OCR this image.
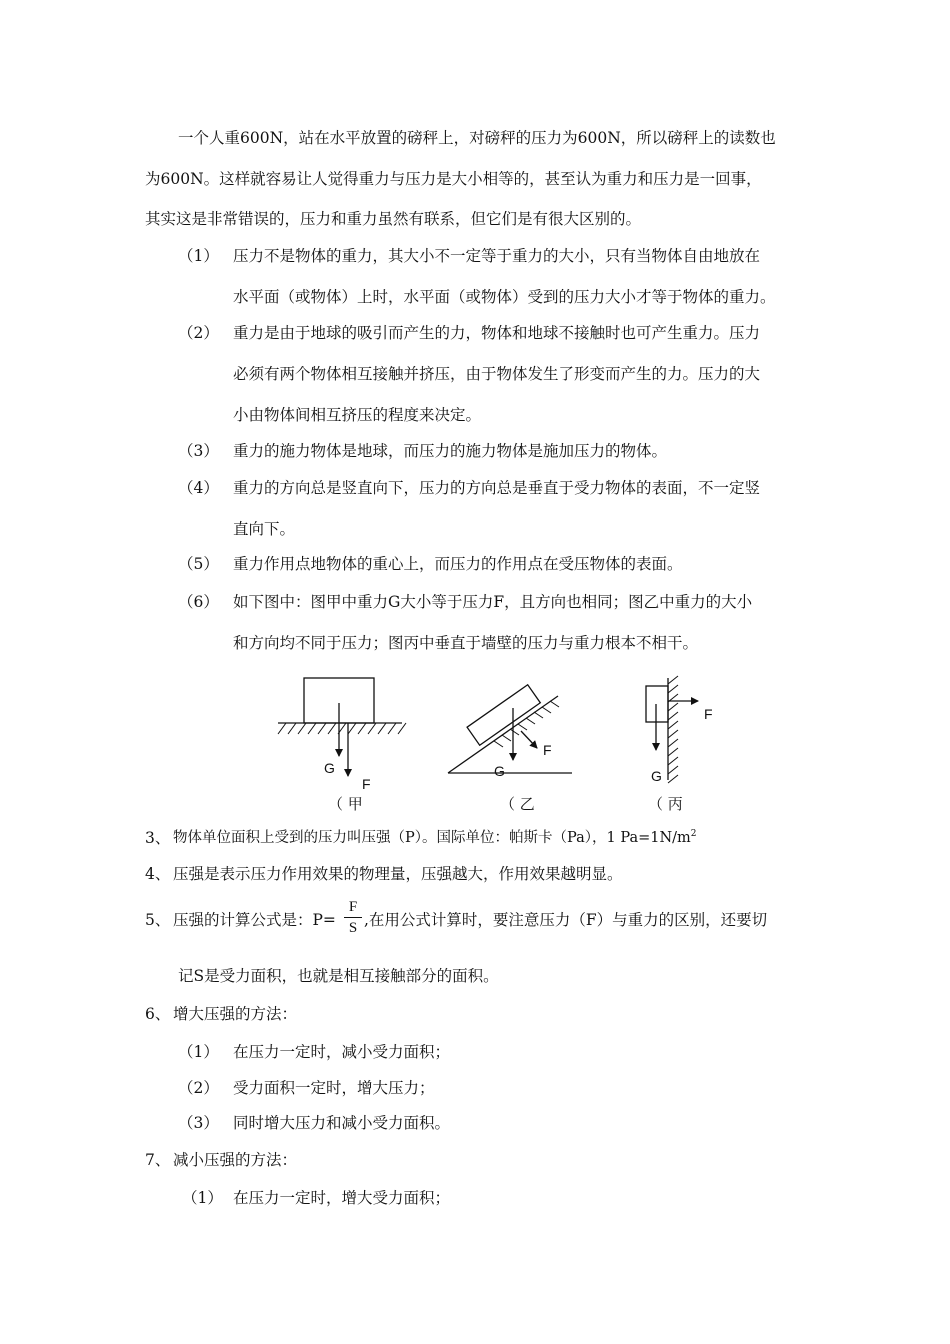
一个人重600N，站在水平放置的磅秤上，对磅秤的压力为600N，所以磅秤上的读数也
为600N。这样就容易让人觉得重力与压力是大小相等的，甚至认为重力和压力是一回事，
其实这是非常错误的，压力和重力虽然有联系，但它们是有很大区别的。
（1） 压力不是物体的重力，其大小不一定等于重力的大小，只有当物体自由地放在
水平面（或物体）上时，水平面（或物体）受到的压力大小才等于物体的重力。
（2） 重力是由于地球的吸引而产生的力，物体和地球不接触时也可产生重力。压力
必须有两个物体相互接触并挤压，由于物体发生了形变而产生的力。压力的大
小由物体间相互挤压的程度来决定。
（3） 重力的施力物体是地球，而压力的施力物体是施加压力的物体。
（4） 重力的方向总是竖直向下，压力的方向总是垂直于受力物体的表面，不一定竖
直向下。
（5） 重力作用点地物体的重心上，而压力的作用点在受压物体的表面。
（6） 如下图中：图甲中重力G大小等于压力F，且方向也相同；图乙中重力的大小
和方向均不同于压力；图丙中垂直于墙壁的压力与重力根本不相干。
G
F
（ 甲
G
F
（ 乙
F
G
（ 丙
3、 物体单位面积上受到的压力叫压强（P）。国际单位：帕斯卡（Pa），1 $Pa=1N/m^2$
4、 压强是表示压力作用效果的物理量，压强越大，作用效果越明显。
5、 压强的计算公式是：P=
F
S ,在用公式计算时，要注意压力（F）与重力的区别，还要切
记S是受力面积，也就是相互接触部分的面积。
6、 增大压强的方法：
（1） 在压力一定时，减小受力面积；
（2） 受力面积一定时，增大压力；
（3） 同时增大压力和减小受力面积。
7、 减小压强的方法：
（1） 在压力一定时，增大受力面积；
